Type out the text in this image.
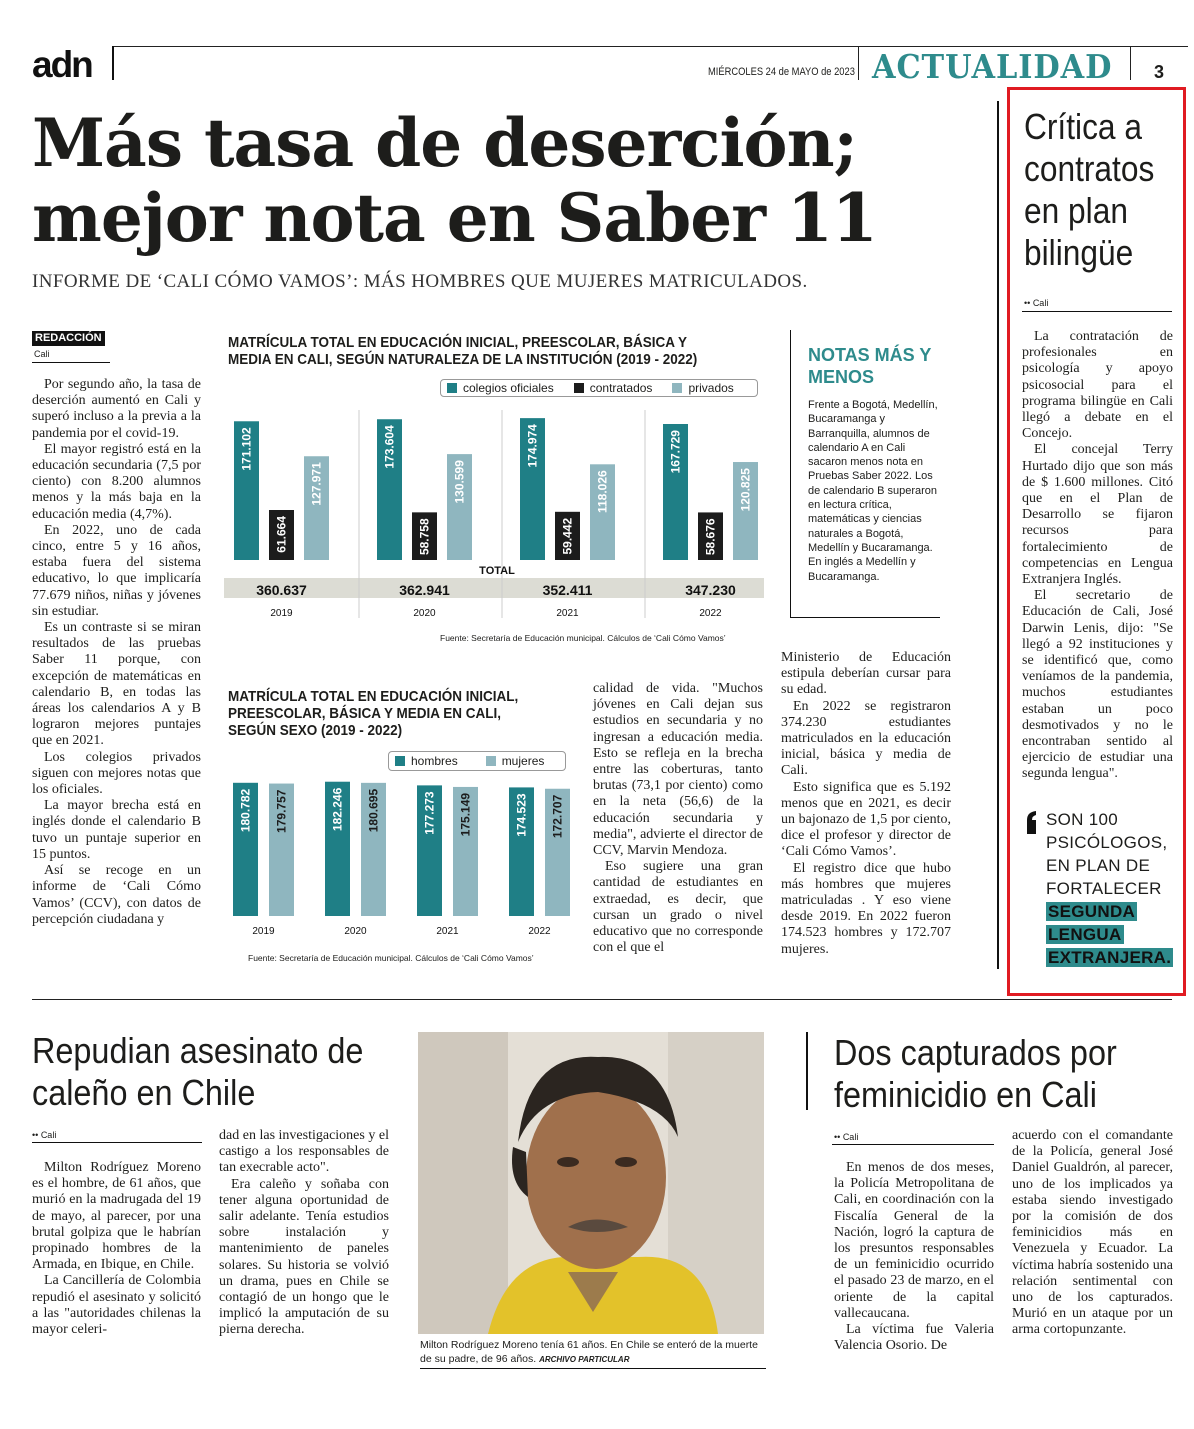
adn	MIÉRCOLES 24 de MAYO de 2023 ACTUALIDAD 3
Más tasa de deserción;
mejor nota en Saber 11
INFORME DE ‘CALI CÓMO VAMOS’: MÁS HOMBRES QUE MUJERES MATRICULADOS.
REDACCIÓN
Cali

Por segundo año, la tasa de deserción aumentó en Cali y superó incluso a la previa a la pandemia por el covid-19.

El mayor registró está en la educación secundaria (7,5 por ciento) con 8.200 alumnos menos y la más baja en la educación media (4,7%).

En 2022, uno de cada cinco, entre 5 y 16 años, estaba fuera del sistema educativo, lo que implicaría 77.679 niños, niñas y jóvenes sin estudiar.

Es un contraste si se miran resultados de las pruebas Saber 11 porque, con excepción de matemáticas en calendario B, en todas las áreas los calendarios A y B lograron mejores puntajes que en 2021.

Los colegios privados siguen con mejores notas que los oficiales.

La mayor brecha está en inglés donde el calendario B tuvo un puntaje superior en 15 puntos.

Así se recoge en un informe de ‘Cali Cómo Vamos’ (CCV), con datos de percepción ciudadana y

MATRÍCULA TOTAL EN EDUCACIÓN INICIAL, PREESCOLAR, BÁSICA Y MEDIA EN CALI, SEGÚN NATURALEZA DE LA INSTITUCIÓN (2019 - 2022)
colegios oficiales	contratados	privados
TOTAL
171.102
61.664
127.971
360.637
2019
173.604
58.758
130.599
362.941
2020
174.974
59.442
118.026
352.411
2021
167.729
58.676
120.825
347.230
2022
Fuente: Secretaría de Educación municipal. Cálculos de ‘Cali Cómo Vamos’
NOTAS MÁS Y MENOS
Frente a Bogotá, Medellín, Bucaramanga y Barranquilla, alumnos de calendario A en Cali sacaron menos nota en Pruebas Saber 2022. Los de calendario B superaron en lectura crítica, matemáticas y ciencias naturales a Bogotá, Medellín y Bucaramanga. En inglés a Medellín y Bucaramanga.
MATRÍCULA TOTAL EN EDUCACIÓN INICIAL, PREESCOLAR, BÁSICA Y MEDIA EN CALI, SEGÚN SEXO (2019 - 2022)
hombres	mujeres
180.782 179.757
2019
182.246 180.695
2020
177.273 175.149
2021
174.523 172.707
2022
Fuente: Secretaría de Educación municipal. Cálculos de ‘Cali Cómo Vamos’

calidad de vida. "Muchos jóvenes en Cali dejan sus estudios en secundaria y no ingresan a educación media. Esto se refleja en la brecha entre las coberturas, tanto brutas (73,1 por ciento) como en la neta (56,6) de la educación secundaria y media", advierte el director de CCV, Marvin Mendoza.

Eso sugiere una gran cantidad de estudiantes en extraedad, es decir, que cursan un grado o nivel educativo que no corresponde con el que el

Ministerio de Educación estipula deberían cursar para su edad.

En 2022 se registraron 374.230 estudiantes matriculados en la educación inicial, básica y media de Cali.

Esto significa que es 5.192 menos que en 2021, es decir un bajonazo de 1,5 por ciento, dice el profesor y director de ‘Cali Cómo Vamos’.

El registro dice que hubo más hombres que mujeres matriculadas . Y eso viene desde 2019. En 2022 fueron 174.523 hombres y 172.707 mujeres.

Crítica a contratos en plan bilingüe
•• Cali

La contratación de profesionales en psicología y apoyo psicosocial para el programa bilingüe en Cali llegó a debate en el Concejo.

El concejal Terry Hurtado dijo que son más de $ 1.600 millones. Citó que en el Plan de Desarrollo se fijaron recursos para fortalecimiento de competencias en Lengua Extranjera Inglés.

El secretario de Educación de Cali, José Darwin Lenis, dijo: "Se llegó a 92 instituciones y se identificó que, como veníamos de la pandemia, muchos estudiantes estaban un poco desmotivados y no le encontraban sentido al ejercicio de estudiar una segunda lengua".

SON 100
PSICÓLOGOS,
EN PLAN DE
FORTALECER
SEGUNDA
LENGUA
EXTRANJERA.
Repudian asesinato de caleño en Chile
•• Cali

Milton Rodríguez Moreno es el hombre, de 61 años, que murió en la madrugada del 19 de mayo, al parecer, por una brutal golpiza que le habrían propinado hombres de la Armada, en Ibique, en Chile.

La Cancillería de Colombia repudió el asesinato y solicitó a las "autoridades chilenas la mayor celeri-

dad en las investigaciones y el castigo a los responsables de tan execrable acto".

Era caleño y soñaba con tener alguna oportunidad de salir adelante. Tenía estudios sobre instalación y mantenimiento de paneles solares. Su historia se volvió un drama, pues en Chile se contagió de un hongo que le implicó la amputación de su pierna derecha.

Milton Rodríguez Moreno tenía 61 años. En Chile se enteró de la muerte de su padre, de 96 años. ARCHIVO PARTICULAR
Dos capturados por feminicidio en Cali
•• Cali

En menos de dos meses, la Policía Metropolitana de Cali, en coordinación con la Fiscalía General de la Nación, logró la captura de los presuntos responsables de un feminicidio ocurrido el pasado 23 de marzo, en el oriente de la capital vallecaucana.

La víctima fue Valeria Valencia Osorio. De

acuerdo con el comandante de la Policía, general José Daniel Gualdrón, al parecer, uno de los implicados ya estaba siendo investigado por la comisión de dos feminicidios más en Venezuela y Ecuador. La víctima habría sostenido una relación sentimental con uno de los capturados. Murió en un ataque por un arma cortopunzante.
